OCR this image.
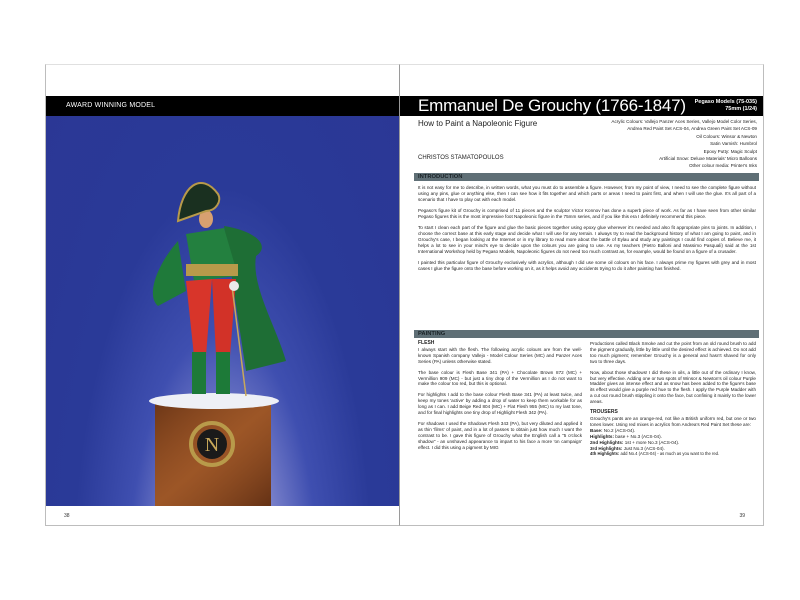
AWARD WINNING MODEL
N
38
Emmanuel De Grouchy (1766-1847) Pegaso Models (75-035)
75mm (1/24)
How to Paint a Napoleonic Figure
CHRISTOS STAMATOPOULOS
Acrylic Colours: Vallejo Panzer Aces Series, Vallejo Model Color Series,
Andrea Red Paint Set ACS-04, Andrea Green Paint Set ACS-09
Oil Colours: Winsor & Newton
Satin Varnish: Humbrol
Epoxy Putty: Magic Sculpt
Artificial Snow: Deluxe Materials' Micro Balloons
Other colour media: Printer's Inks
INTRODUCTION

It is not easy for me to describe, in written words, what you must do to assemble a figure. However, from my point of view, I need to see the complete figure without using any pins, glue or anything else, then I can see how it fits together and which parts or areas I need to paint first, and when I will use the glue. It's all part of a scenario that I have to play out with each model.

Pegaso's figure kit of Grouchy is comprised of 11 pieces and the sculptor Victor Konnov has done a superb piece of work. As far as I have seen from other similar Pegaso figures this is the most impressive foot Napoleonic figure in the 75mm series, and if you like this era I definitely recommend this piece.

To start I clean each part of the figure and glue the basic pieces together using epoxy glue wherever it's needed and also fit appropriate pins to joints. In addition, I choose the correct base at this early stage and decide what I will use for any terrain. I always try to read the background history of what I am going to paint, and in Grouchy's case, I began looking at the Internet or in my library to read more about the battle of Eylau and study any paintings I could find copies of. Believe me, it helps a lot to see in your mind's eye to decide upon the colours you are going to use. As my teachers (Pietro Balloni and Massimo Pasquali) said at the 1st International Workshop held by Pegaso Models, Napoleonic figures do not need too much contrast as, for example, would be found on a figure of a crusader.

I painted this particular figure of Grouchy exclusively with acrylics, although I did use some oil colours on his face. I always prime my figures with grey and in most cases I glue the figure onto the base before working on it, as it helps avoid any accidents trying to do it after painting has finished.

PAINTING
FLESH

I always start with the flesh. The following acrylic colours are from the well-known Spanish company Vallejo - Model Colour Series (MC) and Panzer Aces Series (PA) unless otherwise stated.

The base colour is Flesh Base 341 (PA) + Chocolate Brown 872 (MC) + Vermillion 909 (MC) - but just a tiny drop of the Vermillion as I do not want to make the colour too red, but this is optional.

For highlights I add to the base colour Flesh Base 341 (PA) at least twice, and keep my tones 'active' by adding a drop of water to keep them workable for as long as I can. I add Beige Red 804 (MC) + Flat Flesh 955 (MC) to my last tone, and for final highlights one tiny drop of Highlight Flesh 342 (PA).

For shadows I used the Shadows Flesh 343 (PA), but very diluted and applied it as thin 'films' of paint, and in a lot of passes to obtain just how much I want the contrast to be. I gave this figure of Grouchy what the English call a "5 o'clock shadow" - an unshaved appearance to impart to his face a more 'on campaign' effect. I did this using a pigment by MIG

Productions called Black Smoke and cut the point from an old round brush to add the pigment gradually, little by little until the desired effect is achieved. Do not add too much pigment; remember Grouchy is a general and hasn't shaved for only two to three days.

Now, about those shadows! I did these in oils, a little out of the ordinary I know, but very effective. Adding one or two spots of Winsor & Newton's oil colour Purple Madder gives an intense effect and as snow has been added to the figure's base its effect would give a purple red hue to the flesh. I apply the Purple Madder with a cut out round brush stippling it onto the face, but confining it mainly to the lower areas.

TROUSERS

Grouchy's pants are an orange-red, not like a British uniform red, but one or two tones lower. Using red mixes in acrylics from Andrea's Red Paint Set these are:

Base: No.2 (ACS-04).
Highlights: base + No.3 (ACS-04).
2nd Highlights: 1st + more No.3 (ACS-04).
3rd Highlights: Just No.3 (ACS-04).
4th Highlights: add No.4 (ACS-04) - as much as you want to the red.
39
